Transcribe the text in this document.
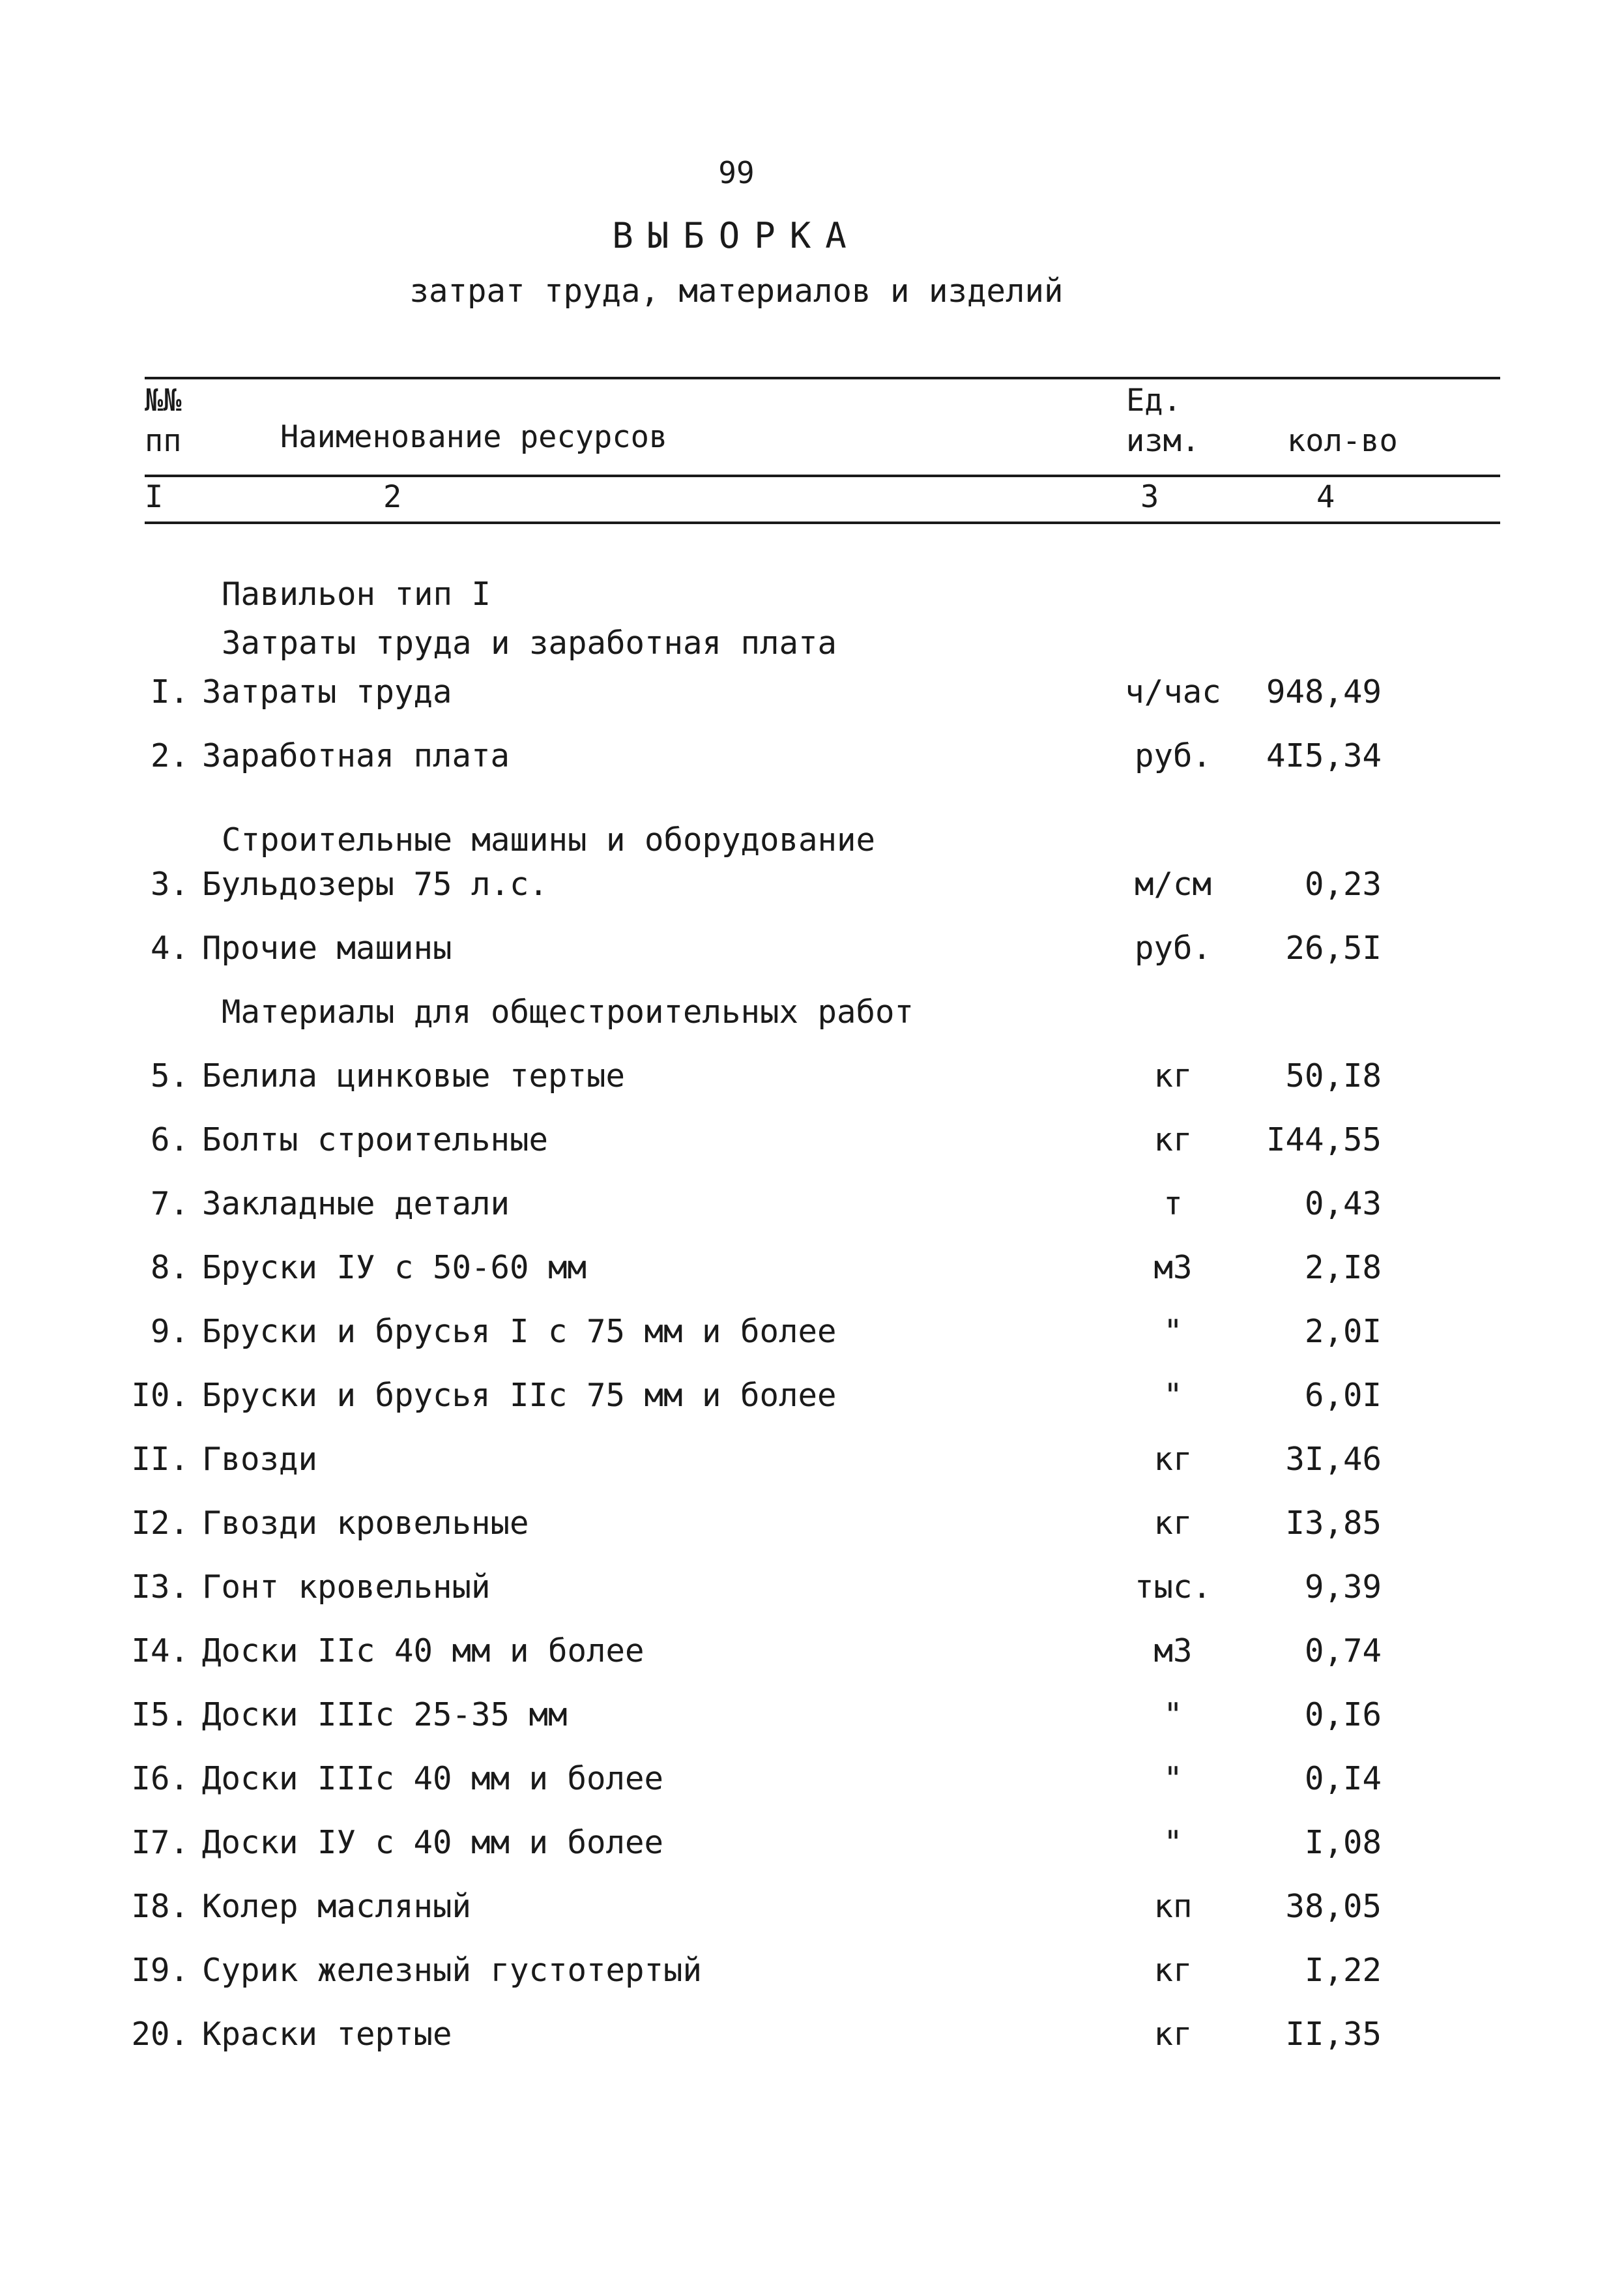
99
ВЫБОРКА
затрат труда, материалов и изделий
№№
пп	Наименование ресурсов
Ед.
изм.	кол-во
I	2	3	4
Павильон тип I
Затраты труда и заработная плата
Строительные машины и оборудование
Материалы для общестроительных работ
I. Затраты труда	ч/час	948,49
2. Заработная плата	руб.	4I5,34
3. Бульдозеры 75 л.с.	м/см	0,23
4. Прочие машины	руб.	26,5I
5. Белила цинковые тертые	кг	50,I8
6. Болты строительные	кг	I44,55
7. Закладные детали	т	0,43
8. Бруски IУ с 50-60 мм	м3	2,I8
9. Бруски и брусья I с 75 мм и более	"	2,0I
I0. Бруски и брусья IIс 75 мм и более	"	6,0I
II. Гвозди	кг	3I,46
I2. Гвозди кровельные	кг	I3,85
I3. Гонт кровельный	тыс.	9,39
I4. Доски IIс 40 мм и более	м3	0,74
I5. Доски IIIс 25-35 мм	"	0,I6
I6. Доски IIIс 40 мм и более	"	0,I4
I7. Доски IУ с 40 мм и более	"	I,08
I8. Колер масляный	кп	38,05
I9. Сурик железный густотертый	кг	I,22
20. Краски тертые	кг	II,35
